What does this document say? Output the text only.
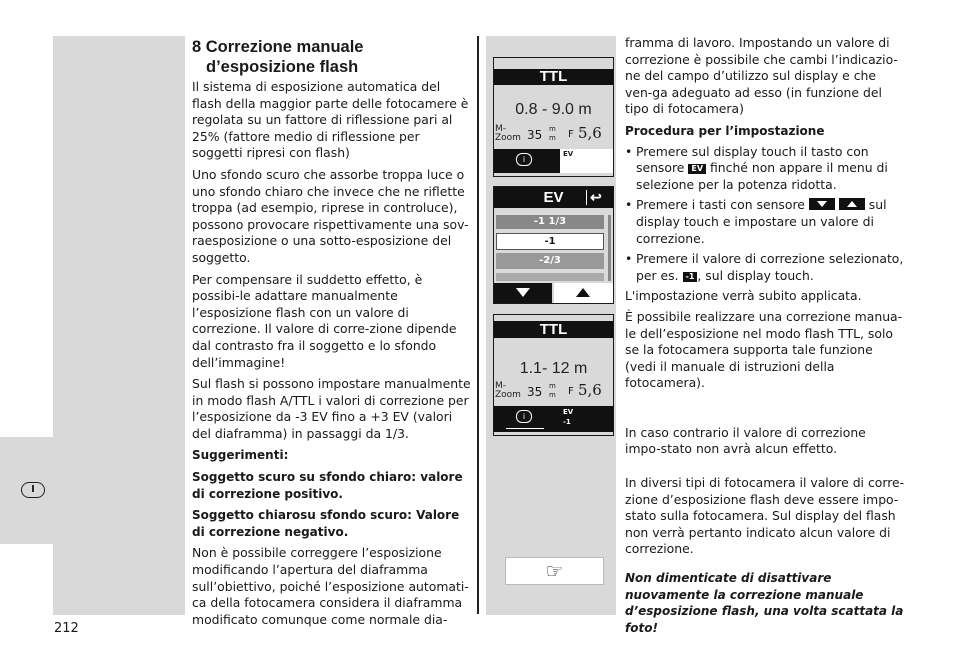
I
212
8 Correzione manuale

d’esposizione flash

Il sistema di esposizione automatica del flash della maggior parte delle fotocamere è regolata su un fattore di riflessione pari al 25% (fattore medio di riflessione per soggetti ripresi con flash)

Uno sfondo scuro che assorbe troppa luce o uno sfondo chiaro che invece che ne riflette troppa (ad esempio, riprese in controluce), possono provocare rispettivamente una sov-raesposizione o una sotto-esposizione del soggetto.

Per compensare il suddetto effetto, è possibi-le adattare manualmente l’esposizione flash con un valore di correzione. Il valore di corre-zione dipende dal contrasto fra il soggetto e lo sfondo dell’immagine!

Sul flash si possono impostare manualmente in modo flash A/TTL i valori di correzione per l’esposizione da -3 EV fino a +3 EV (valori del diaframma) in passaggi da 1/3.

Suggerimenti:

Soggetto scuro su sfondo chiaro: valore di correzione positivo.

Soggetto chiarosu sfondo scuro: Valore di correzione negativo.

Non è possibile correggere l’esposizione modificando l’apertura del diaframma sull’obiettivo, poiché l’esposizione automati-ca della fotocamera considera il diaframma modificato comunque come normale dia-

TTL
0.8 - 9.0 m
M-
Zoom 35 m
m F 5,6
i
EV
EV ↩
-1 1/3
-1
-2/3
TTL
1.1- 12 m
M-
Zoom 35 m
m F 5,6
i	EV
-1
☞

framma di lavoro. Impostando un valore di correzione è possibile che cambi l’indicazio-ne del campo d’utilizzo sul display e che ven-ga adeguato ad esso (in funzione del tipo di fotocamera)

Procedura per l’impostazione

• Premere sul display touch il tasto con sensore EV finché non appare il menu di selezione per la potenza ridotta.
• Premere i tasti con sensore
	sul display touch e impostare un valore di correzione.
• Premere il valore di correzione selezionato, per es. -1 , sul display touch.

L'impostazione verrà subito applicata.

È possibile realizzare una correzione manua-le dell’esposizione nel modo flash TTL, solo se la fotocamera supporta tale funzione (vedi il manuale di istruzioni della fotocamera).

In caso contrario il valore di correzione impo-stato non avrà alcun effetto.

In diversi tipi di fotocamera il valore di corre-zione d’esposizione flash deve essere impo-stato sulla fotocamera. Sul display del flash non verrà pertanto indicato alcun valore di correzione.

Non dimenticate di disattivare nuovamente la correzione manuale d’esposizione flash, una volta scattata la foto!
